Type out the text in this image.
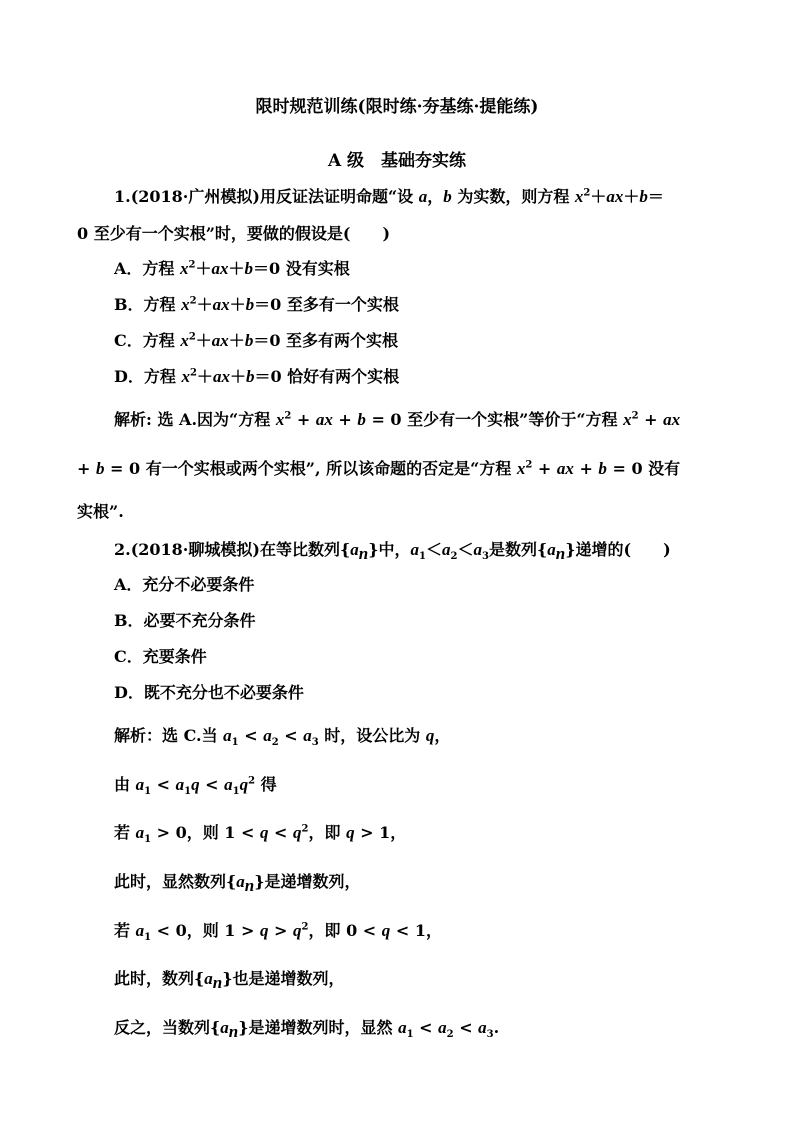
限时规范训练(限时练·夯基练·提能练)
A 级　基础夯实练
1.(2018·广州模拟)用反证法证明命题“设 a，b 为实数，则方程 $x^2+ax+b=$
0 至少有一个实根”时，要做的假设是(　　)
A．方程 $x^2+ax+b=0$ 没有实根
B．方程 $x^2+ax+b=0$ 至多有一个实根
C．方程 $x^2+ax+b=0$ 至多有两个实根
D．方程 $x^2+ax+b=0$ 恰好有两个实根
解析: 选 A.因为“方程 $x^2$ + ax + b = 0 至少有一个实根”等价于“方程 $x^2$ + ax
+ b = 0 有一个实根或两个实根”, 所以该命题的否定是“方程 $x^2$ + ax + b = 0 没有
实根”.
2.(2018·聊城模拟)在等比数列$\{a_n\}$中，$a_1<a_2<a_3$是数列$\{a_n\}$递增的(　　)
A．充分不必要条件
B．必要不充分条件
C．充要条件
D．既不充分也不必要条件
解析：选 C.当 $a_1 < a_2 < a_3$ 时，设公比为 q，
由 $a_1 < a_1q < a_1q^2$ 得
若 $a_1 > 0$，则 $1 < q < q^2$，即 q > 1，
此时，显然数列$\{a_n\}$是递增数列，
若 $a_1 < 0$，则 $1 > q > q^2$，即 0 < q < 1，
此时，数列$\{a_n\}$也是递增数列，
反之，当数列$\{a_n\}$是递增数列时，显然 $a_1 < a_2 < a_3$.
